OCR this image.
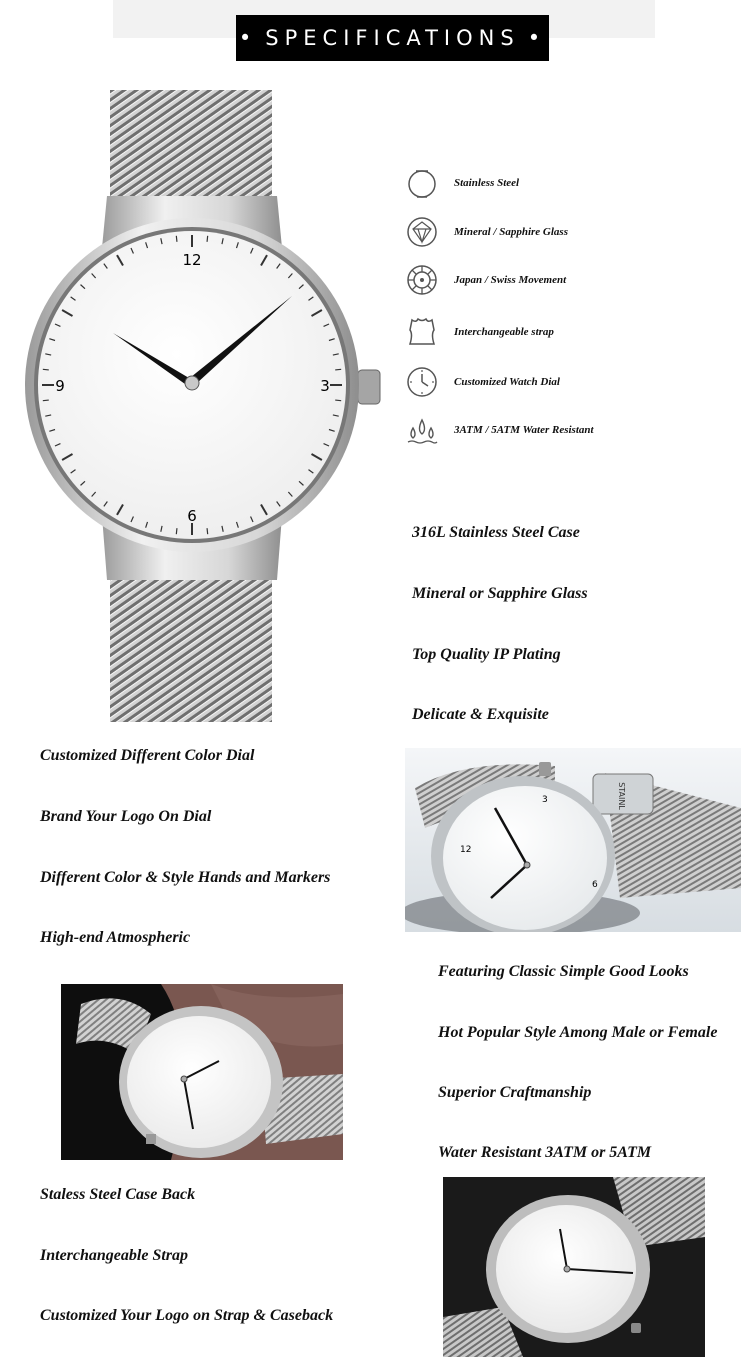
• SPECIFICATIONS •
12
3
6
9
Stainless Steel
Mineral / Sapphire Glass
Japan / Swiss Movement
Interchangeable strap
Customized Watch Dial
3ATM / 5ATM Water Resistant
316L Stainless Steel Case
Mineral or Sapphire Glass
Top Quality IP Plating
Delicate & Exquisite
Customized Different Color Dial
Brand Your Logo On Dial
Different Color & Style Hands and Markers
High-end Atmospheric
STAINL
3
12
6
Featuring Classic Simple Good Looks
Hot Popular Style Among Male or Female
Superior Craftmanship
Water Resistant 3ATM or 5ATM
Staless Steel Case Back
Interchangeable Strap
Customized Your Logo on Strap & Caseback
